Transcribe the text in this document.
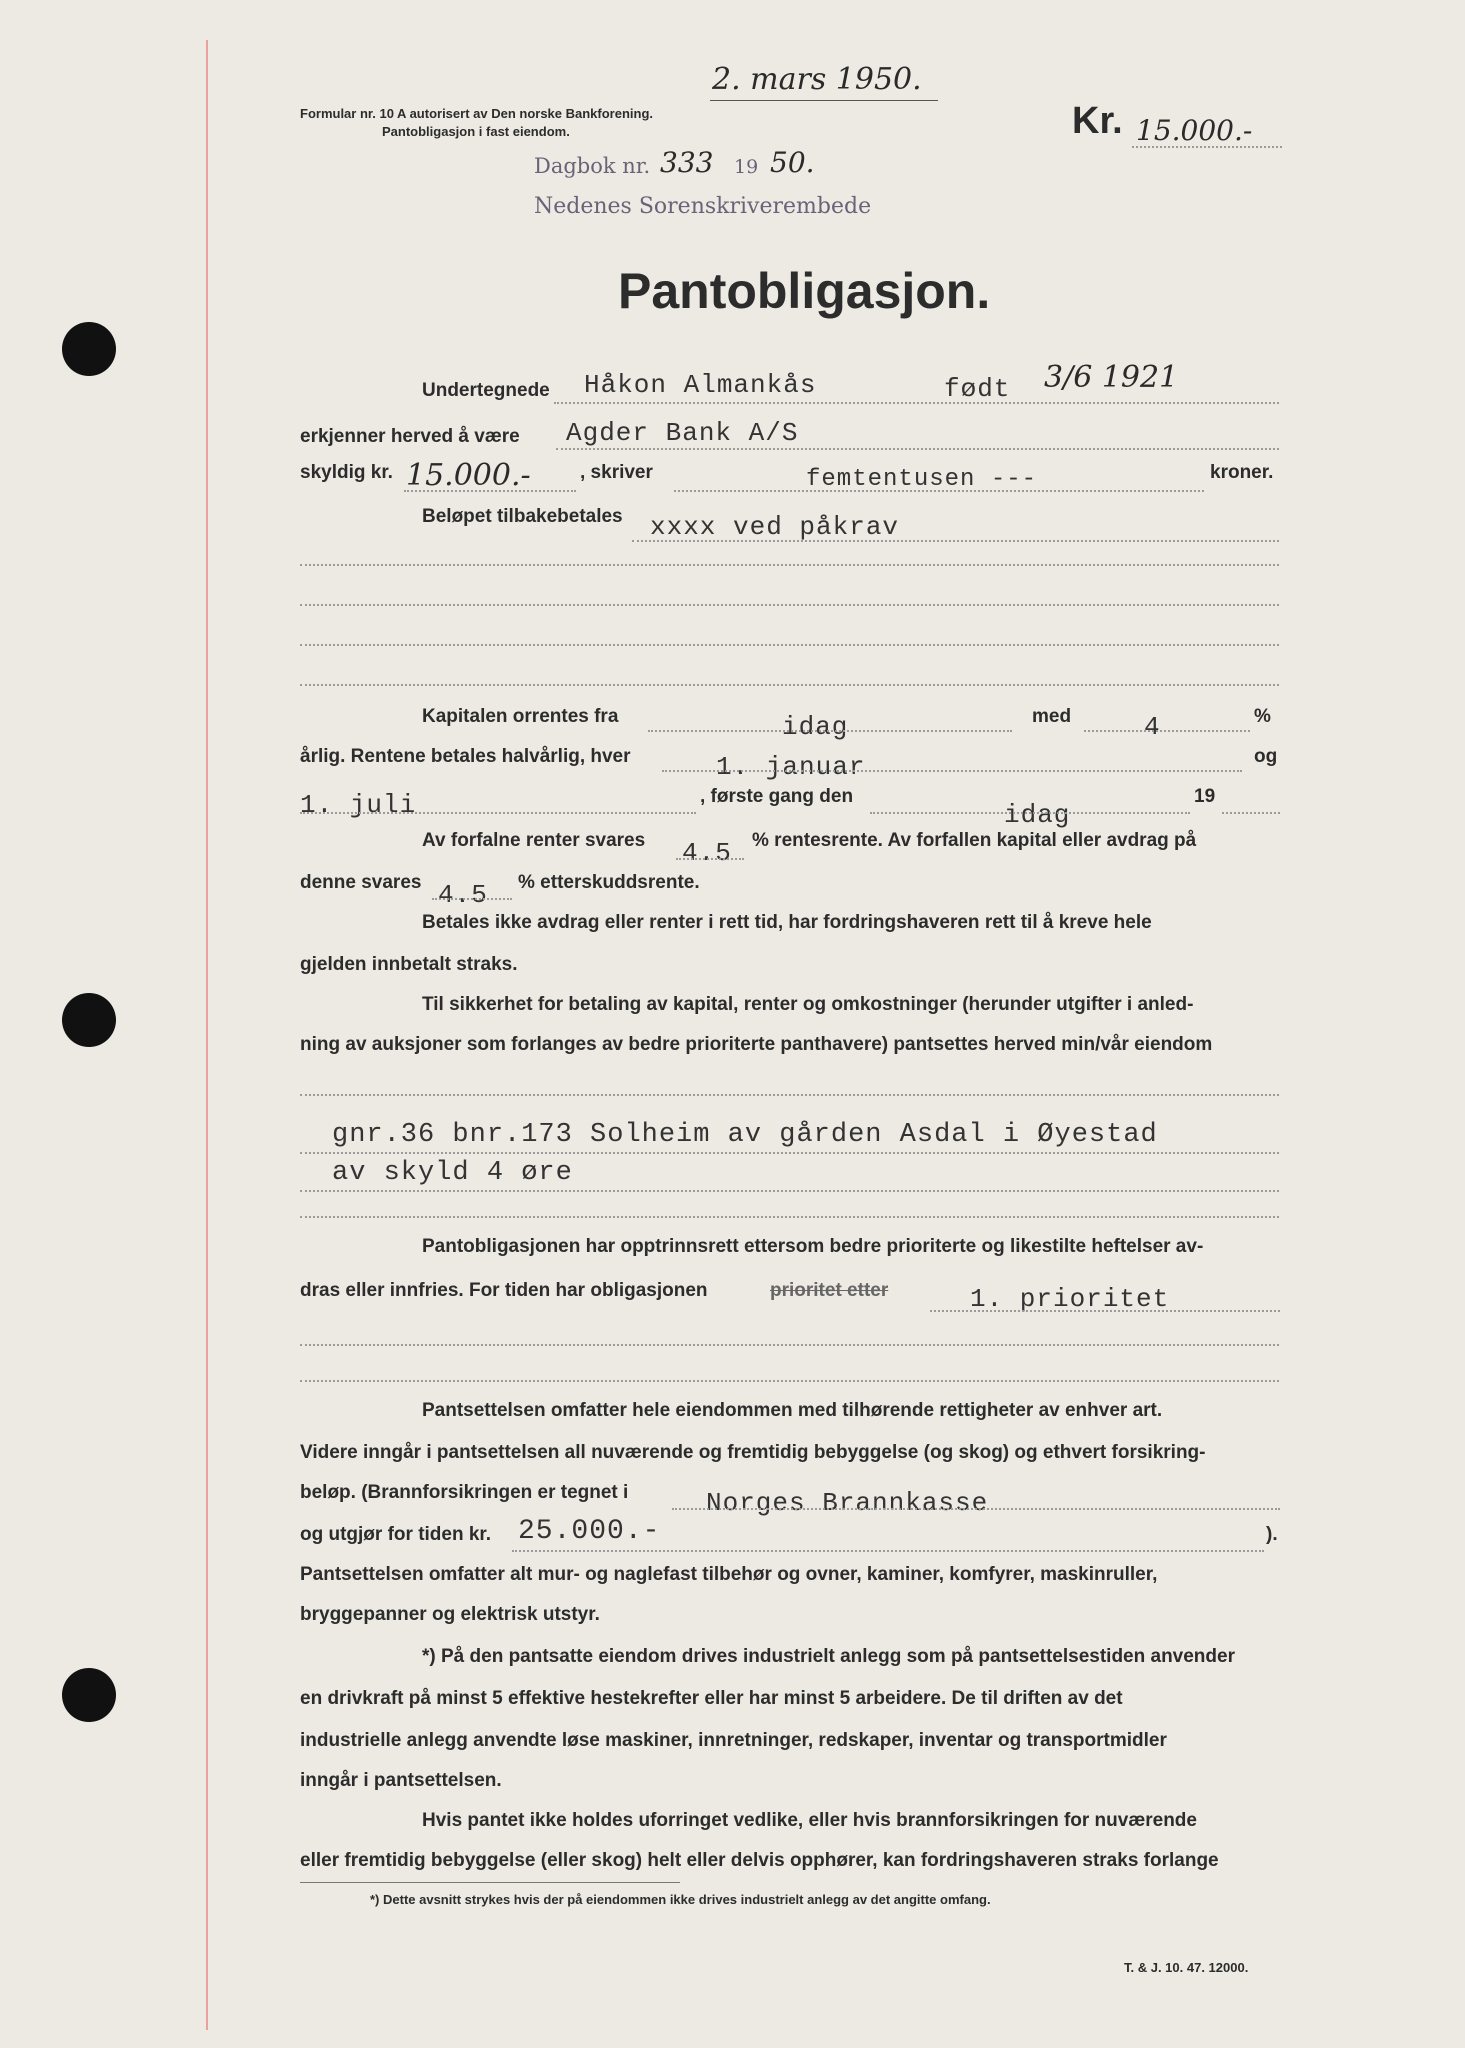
2. mars 1950.
Formular nr. 10 A autorisert av Den norske Bankforening.
Pantobligasjon i fast eiendom.	Kr. 15.000.-
Dagbok nr. 333 19 50.
Nedenes Sorenskriverembede
Pantobligasjon.
Undertegnede Håkon Almankås	født 3/6 1921
erkjenner herved å være Agder Bank A/S
skyldig kr. 15.000.-	, skriver	femtentusen ---	kroner.
Beløpet tilbakebetales xxxx ved påkrav
Kapitalen orrentes fra	idag	med	4	%
årlig. Rentene betales halvårlig, hver	1. januar	og
1. juli	, første gang den
idag
19
Av forfalne renter svares 4.5 % rentesrente. Av forfallen kapital eller avdrag på
denne svares 4.5 % etterskuddsrente.
Betales ikke avdrag eller renter i rett tid, har fordringshaveren rett til å kreve hele
gjelden innbetalt straks.
Til sikkerhet for betaling av kapital, renter og omkostninger (herunder utgifter i anled-
ning av auksjoner som forlanges av bedre prioriterte panthavere) pantsettes herved min/vår eiendom
gnr.36 bnr.173 Solheim av gården Asdal i Øyestad
av skyld 4 øre
Pantobligasjonen har opptrinnsrett ettersom bedre prioriterte og likestilte heftelser av-
dras eller innfries. For tiden har obligasjonen	prioritet etter	1. prioritet
Pantsettelsen omfatter hele eiendommen med tilhørende rettigheter av enhver art.
Videre inngår i pantsettelsen all nuværende og fremtidig bebyggelse (og skog) og ethvert forsikring-
beløp. (Brannforsikringen er tegnet i	Norges Brannkasse
og utgjør for tiden kr. 25.000.-	).
Pantsettelsen omfatter alt mur- og naglefast tilbehør og ovner, kaminer, komfyrer, maskinruller,
bryggepanner og elektrisk utstyr.
*) På den pantsatte eiendom drives industrielt anlegg som på pantsettelsestiden anvender
en drivkraft på minst 5 effektive hestekrefter eller har minst 5 arbeidere. De til driften av det
industrielle anlegg anvendte løse maskiner, innretninger, redskaper, inventar og transportmidler
inngår i pantsettelsen.
Hvis pantet ikke holdes uforringet vedlike, eller hvis brannforsikringen for nuværende
eller fremtidig bebyggelse (eller skog) helt eller delvis opphører, kan fordringshaveren straks forlange
*) Dette avsnitt strykes hvis der på eiendommen ikke drives industrielt anlegg av det angitte omfang.
T. & J. 10. 47. 12000.
